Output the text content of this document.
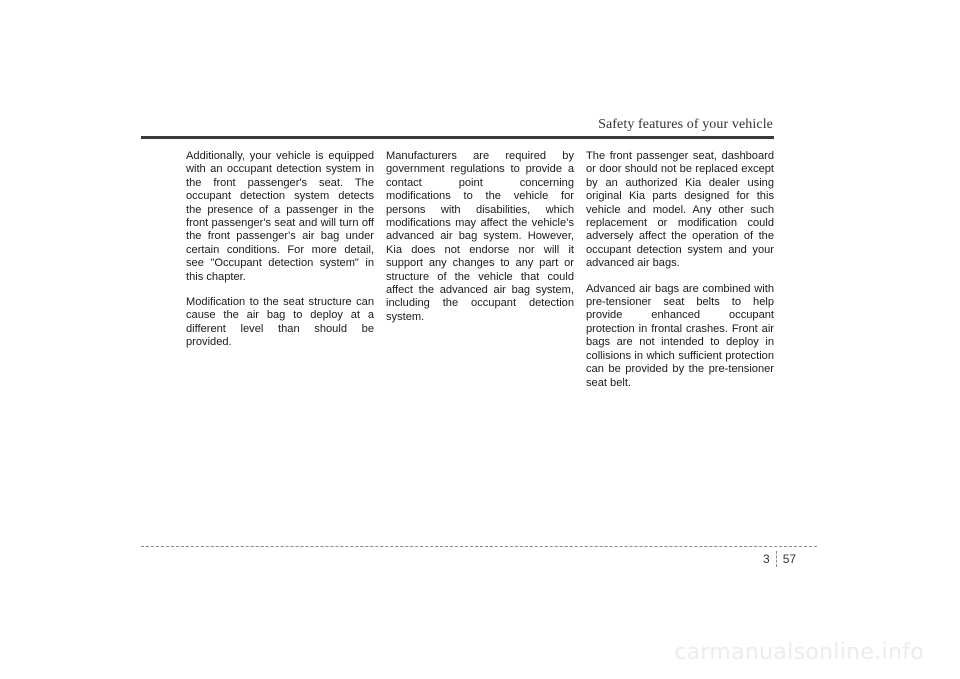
Safety features of your vehicle

Additionally, your vehicle is equipped with an occupant detection system in the front passenger's seat. The occupant detection system detects the presence of a passenger in the front passenger's seat and will turn off the front passenger's air bag under certain conditions. For more detail, see "Occupant detection system" in this chapter.

Modification to the seat structure can cause the air bag to deploy at a different level than should be provided.

Manufacturers are required by government regulations to provide a contact point concerning modifications to the vehicle for persons with disabilities, which modifications may affect the vehicle’s advanced air bag system. However, Kia does not endorse nor will it support any changes to any part or structure of the vehicle that could affect the advanced air bag system, including the occupant detection system.

The front passenger seat, dashboard or door should not be replaced except by an authorized Kia dealer using original Kia parts designed for this vehicle and model. Any other such replacement or modification could adversely affect the operation of the occupant detection system and your advanced air bags.

Advanced air bags are combined with pre-tensioner seat belts to help provide enhanced occupant protection in frontal crashes. Front air bags are not intended to deploy in collisions in which sufficient protection can be provided by the pre-tensioner seat belt.

3 57
carmanualsonline.info
